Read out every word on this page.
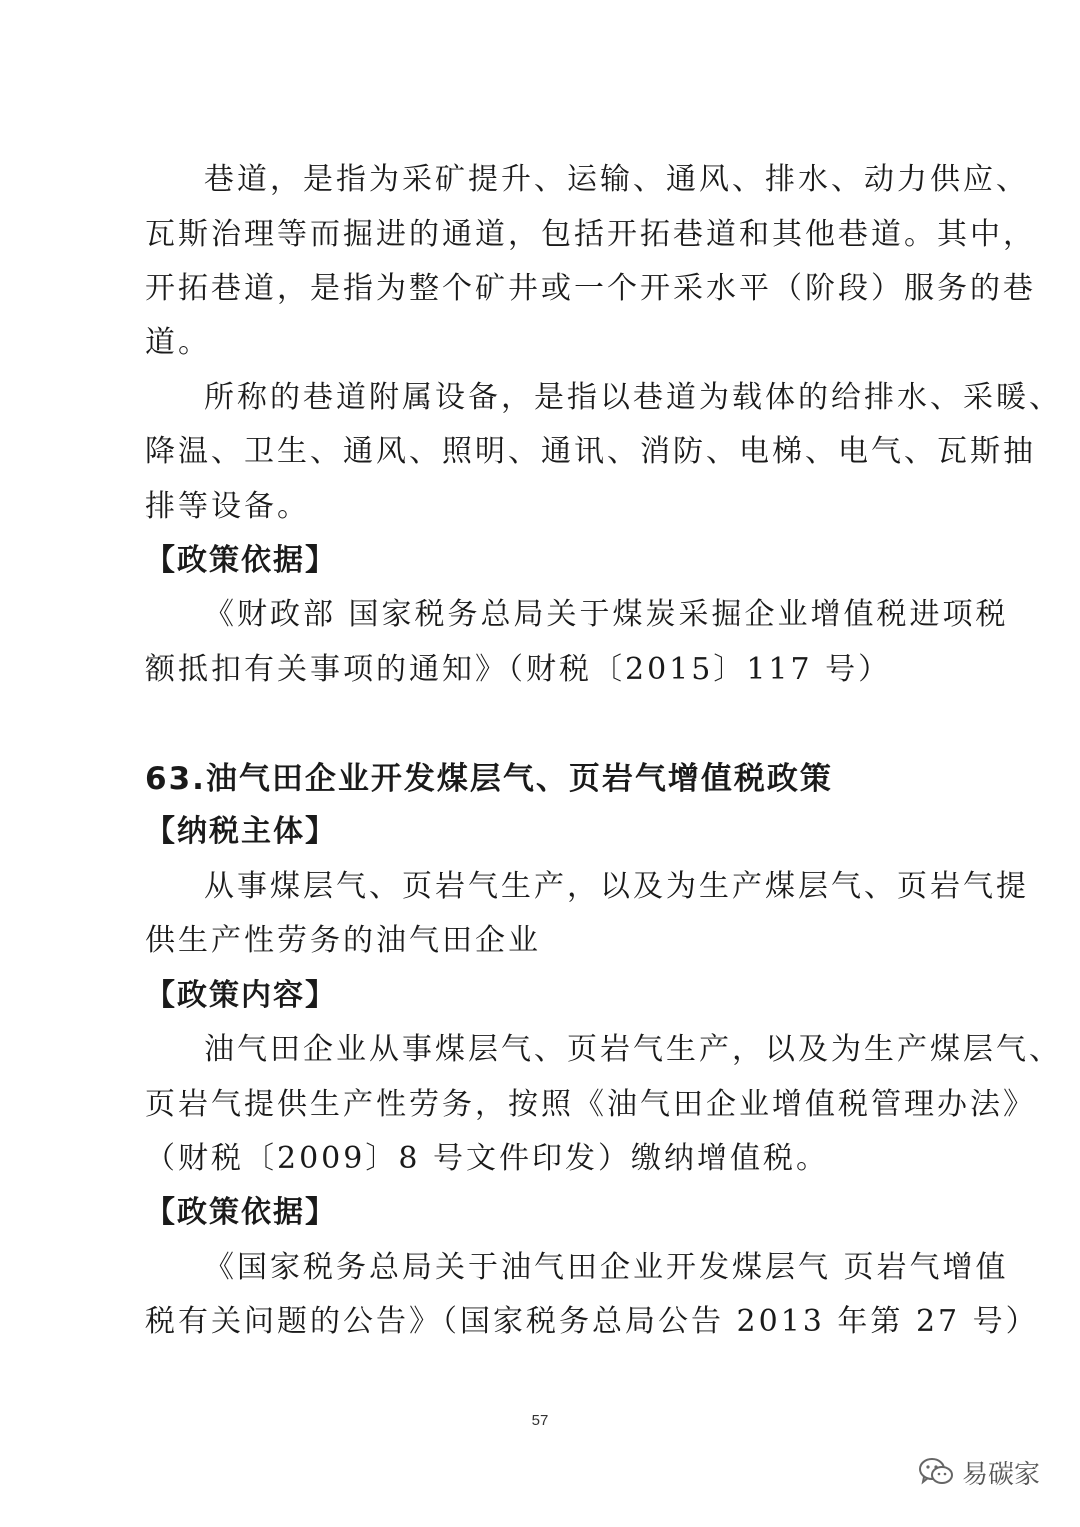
巷道，是指为采矿提升、运输、通风、排水、动力供应、
瓦斯治理等而掘进的通道，包括开拓巷道和其他巷道。其中，
开拓巷道，是指为整个矿井或一个开采水平（阶段）服务的巷
道。
所称的巷道附属设备，是指以巷道为载体的给排水、采暖、
降温、卫生、通风、照明、通讯、消防、电梯、电气、瓦斯抽
排等设备。
【政策依据】
《财政部 国家税务总局关于煤炭采掘企业增值税进项税
额抵扣有关事项的通知》（财税〔2015〕117 号）
63.油气田企业开发煤层气、页岩气增值税政策
【纳税主体】
从事煤层气、页岩气生产，以及为生产煤层气、页岩气提
供生产性劳务的油气田企业
【政策内容】
油气田企业从事煤层气、页岩气生产，以及为生产煤层气、
页岩气提供生产性劳务，按照《油气田企业增值税管理办法》
（财税〔2009〕8 号文件印发）缴纳增值税。
【政策依据】
《国家税务总局关于油气田企业开发煤层气 页岩气增值
税有关问题的公告》（国家税务总局公告 2013 年第 27 号）
57
易碳家
